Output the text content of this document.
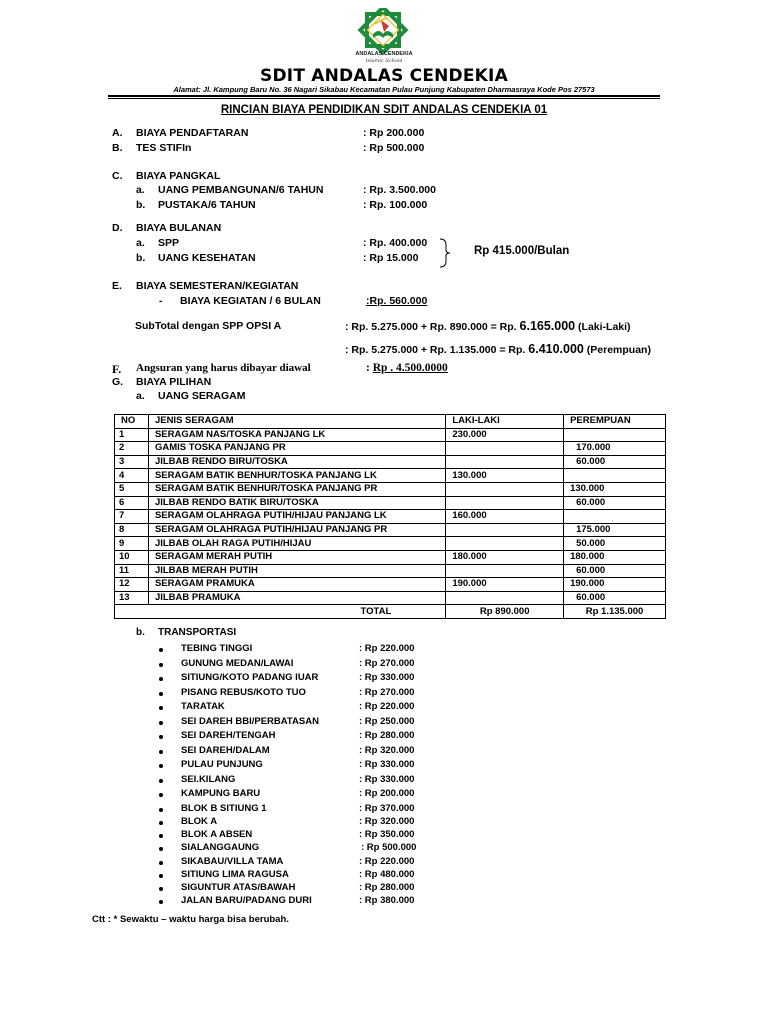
ANDALAS CENDEKIA
Islamic School
SDIT ANDALAS CENDEKIA
Alamat: Jl. Kampung Baru No. 36 Nagari Sikabau Kecamatan Pulau Punjung Kabupaten Dharmasraya Kode Pos 27573
RINCIAN BIAYA PENDIDIKAN SDIT ANDALAS CENDEKIA 01
A. BIAYA PENDAFTARAN	: Rp 200.000
B. TES STIFIn	: Rp 500.000
C. BIAYA PANGKAL
a. UANG PEMBANGUNAN/6 TAHUN	: Rp. 3.500.000
b. PUSTAKA/6 TAHUN	: Rp. 100.000
D. BIAYA BULANAN
a. SPP	: Rp. 400.000
b. UANG KESEHATAN	: Rp 15.000
Rp 415.000/Bulan
E. BIAYA SEMESTERAN/KEGIATAN
- BIAYA KEGIATAN / 6 BULAN	:Rp. 560.000
SubTotal dengan SPP OPSI A	: Rp. 5.275.000 + Rp. 890.000 = Rp. 6.165.000 (Laki-Laki)
: Rp. 5.275.000 + Rp. 1.135.000 = Rp. 6.410.000 (Perempuan)
F. Angsuran yang harus dibayar diawal	: Rp . 4.500.0000
G. BIAYA PILIHAN
a. UANG SERAGAM
NO	JENIS SERAGAM	LAKI-LAKI	PEREMPUAN
1	SERAGAM NAS/TOSKA PANJANG LK	230.000	
2	GAMIS TOSKA PANJANG PR		170.000
3	JILBAB RENDO BIRU/TOSKA		60.000
4	SERAGAM BATIK BENHUR/TOSKA PANJANG LK	130.000	
5	SERAGAM BATIK BENHUR/TOSKA PANJANG PR		130.000
6	JILBAB RENDO BATIK BIRU/TOSKA		60.000
7	SERAGAM OLAHRAGA PUTIH/HIJAU PANJANG LK	160.000	
8	SERAGAM OLAHRAGA PUTIH/HIJAU PANJANG PR		175.000
9	JILBAB OLAH RAGA PUTIH/HIJAU		50.000
10	SERAGAM MERAH PUTIH	180.000	180.000
11	JILBAB MERAH PUTIH		60.000
12	SERAGAM PRAMUKA	190.000	190.000
13	JILBAB PRAMUKA		60.000
TOTAL		Rp 890.000	Rp 1.135.000
b. TRANSPORTASI
TEBING TINGGI	: Rp 220.000
GUNUNG MEDAN/LAWAI	: Rp 270.000
SITIUNG/KOTO PADANG lUAR	: Rp 330.000
PISANG REBUS/KOTO TUO	: Rp 270.000
TARATAK	: Rp 220.000
SEI DAREH BBI/PERBATASAN	: Rp 250.000
SEI DAREH/TENGAH	: Rp 280.000
SEI DAREH/DALAM	: Rp 320.000
PULAU PUNJUNG	: Rp 330.000
SEI.KILANG	: Rp 330.000
KAMPUNG BARU	: Rp 200.000
BLOK B SITIUNG 1	: Rp 370.000
BLOK A	: Rp 320.000
BLOK A ABSEN	: Rp 350.000
SIALANGGAUNG	: Rp 500.000
SIKABAU/VILLA TAMA	: Rp 220.000
SITIUNG LIMA RAGUSA	: Rp 480.000
SIGUNTUR ATAS/BAWAH	: Rp 280.000
JALAN BARU/PADANG DURI	: Rp 380.000
Ctt : * Sewaktu – waktu harga bisa berubah.
